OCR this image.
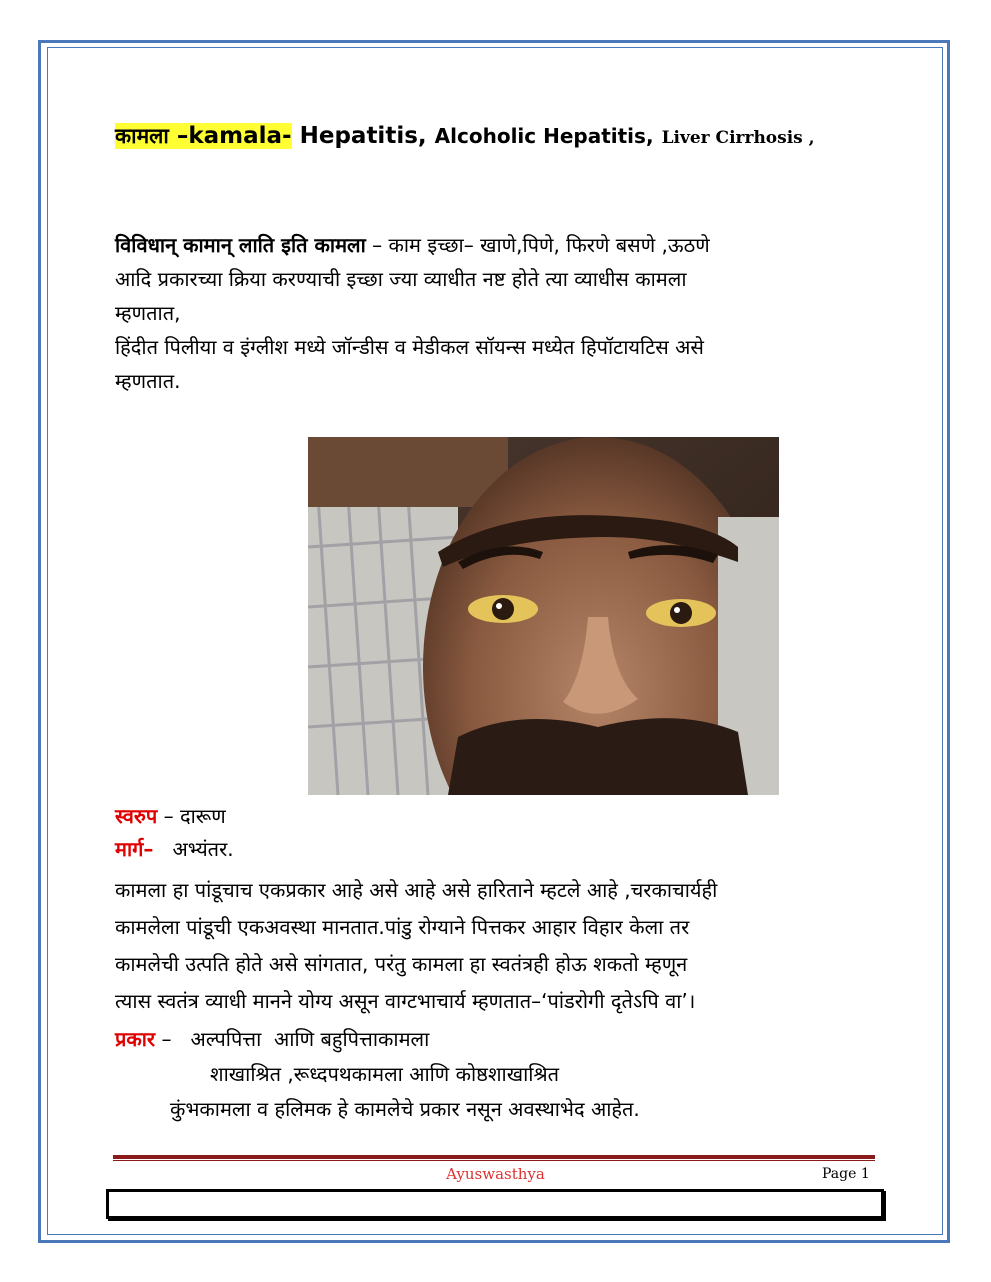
कामला –kamala- Hepatitis, Alcoholic Hepatitis, Liver Cirrhosis ,
विविधान् कामान् लाति इति कामला – काम इच्छा– खाणे,पिणे, फिरणे बसणे ,ऊठणे
आदि प्रकारच्या क्रिया करण्याची इच्छा ज्या व्याधीत नष्ट होते त्या व्याधीस कामला
म्हणतात,
हिंदीत पिलीया व इंग्लीश मध्ये जॉन्डीस व मेडीकल सॉयन्स मध्येत हिपॉटायटिस असे
म्हणतात.
स्वरुप – दारूण
मार्ग–   अभ्यंतर.
कामला हा पांडूचाच एकप्रकार आहे असे आहे असे हारिताने म्हटले आहे ,चरकाचार्यही
कामलेला पांडूची एकअवस्था मानतात.पांडु रोग्याने पित्तकर आहार विहार केला तर
कामलेची उत्पति होते असे सांगतात, परंतु कामला हा स्वतंत्रही होऊ शकतो म्हणून
त्यास स्वतंत्र व्याधी मानने योग्य असून वाग्टभाचार्य म्हणतात–‘पांडरोगी दृतेऽपि वा’।
प्रकार –   अल्पपित्ता  आणि बहुपित्ताकामला
शाखाश्रित ,रूध्दपथकामला आणि कोष्ठशाखाश्रित
कुंभकामला व हलिमक हे कामलेचे प्रकार नसून अवस्थाभेद आहेत.
Ayuswasthya	Page 1
